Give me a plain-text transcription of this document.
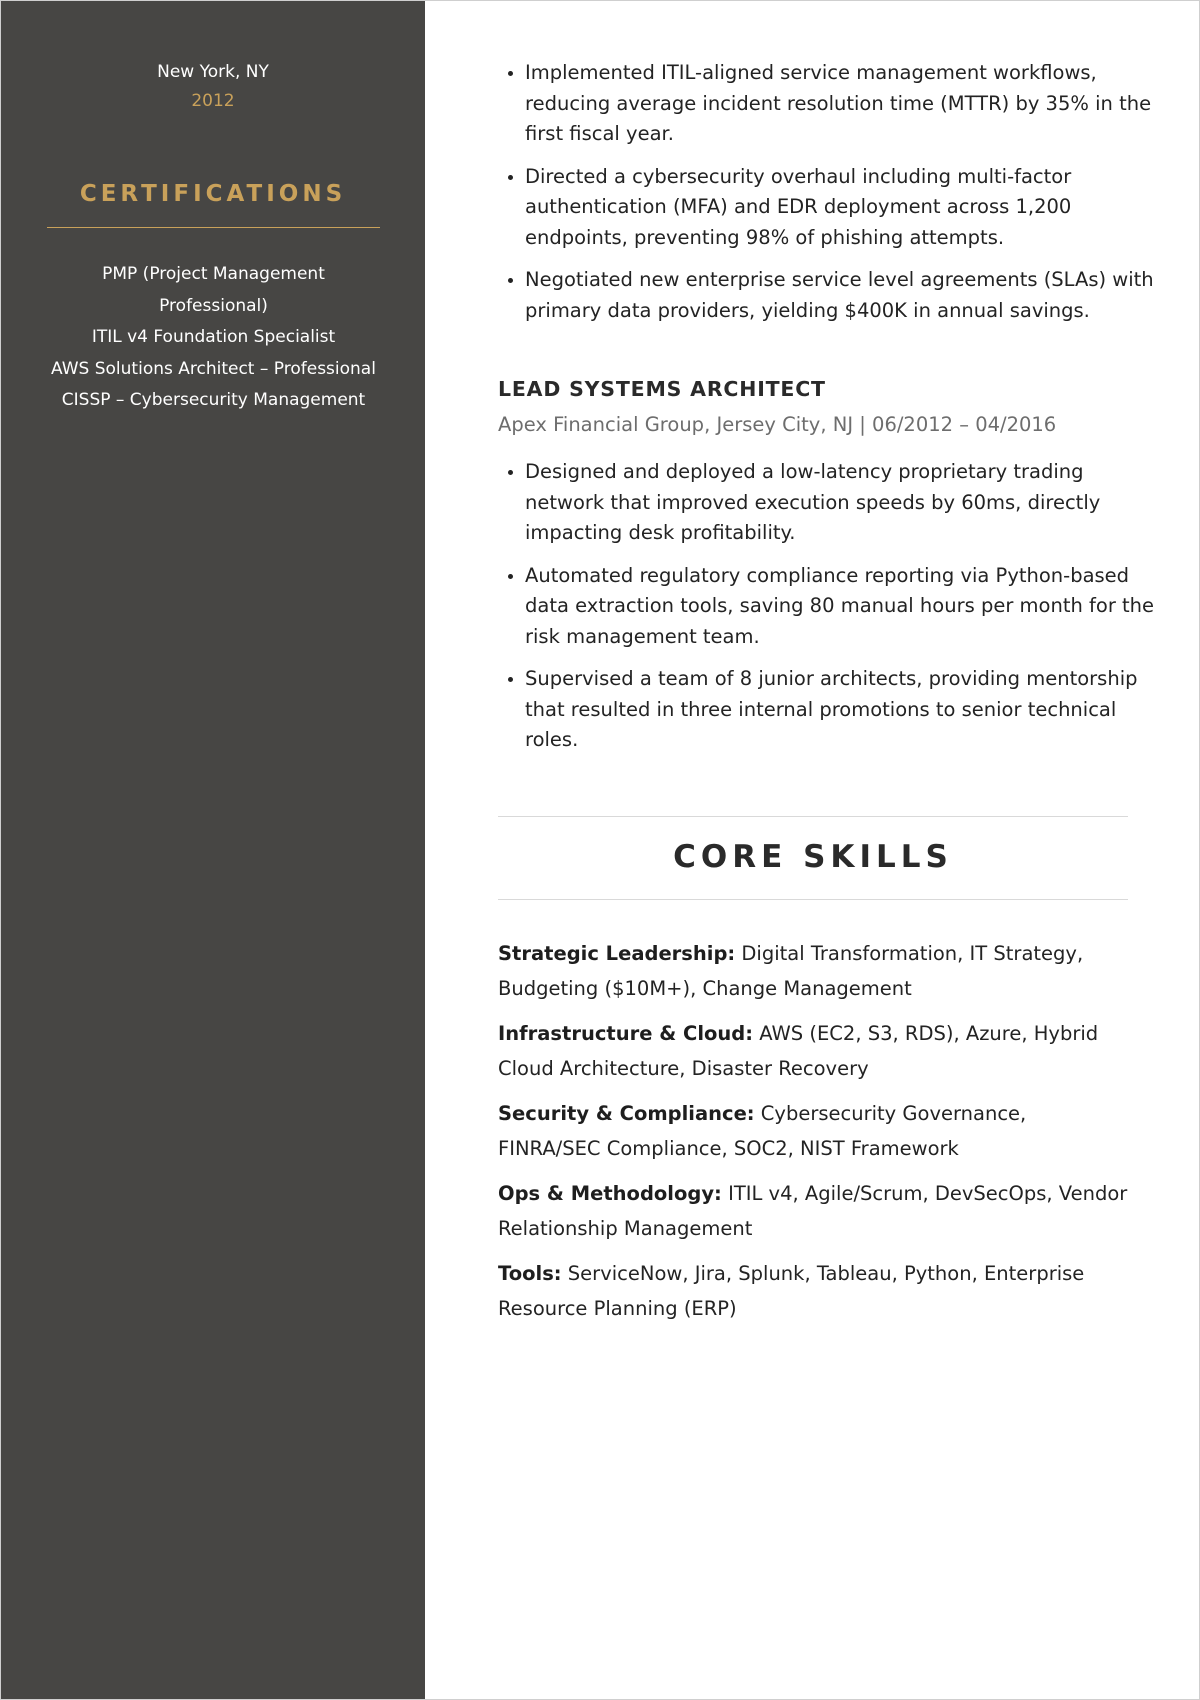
New York, NY
2012
CERTIFICATIONS
PMP (Project Management Professional)
ITIL v4 Foundation Specialist
AWS Solutions Architect – Professional
CISSP – Cybersecurity Management
• Implemented ITIL-aligned service management workflows, reducing average incident resolution time (MTTR) by 35% in the first fiscal year.
• Directed a cybersecurity overhaul including multi-factor authentication (MFA) and EDR deployment across 1,200 endpoints, preventing 98% of phishing attempts.
• Negotiated new enterprise service level agreements (SLAs) with primary data providers, yielding $400K in annual savings.
LEAD SYSTEMS ARCHITECT
Apex Financial Group, Jersey City, NJ | 06/2012 – 04/2016
• Designed and deployed a low-latency proprietary trading network that improved execution speeds by 60ms, directly impacting desk profitability.
• Automated regulatory compliance reporting via Python-based data extraction tools, saving 80 manual hours per month for the risk management team.
• Supervised a team of 8 junior architects, providing mentorship that resulted in three internal promotions to senior technical roles.
CORE SKILLS
Strategic Leadership: Digital Transformation, IT Strategy, Budgeting ($10M+), Change Management
Infrastructure & Cloud: AWS (EC2, S3, RDS), Azure, Hybrid Cloud Architecture, Disaster Recovery
Security & Compliance: Cybersecurity Governance, FINRA/SEC Compliance, SOC2, NIST Framework
Ops & Methodology: ITIL v4, Agile/Scrum, DevSecOps, Vendor Relationship Management
Tools: ServiceNow, Jira, Splunk, Tableau, Python, Enterprise Resource Planning (ERP)
